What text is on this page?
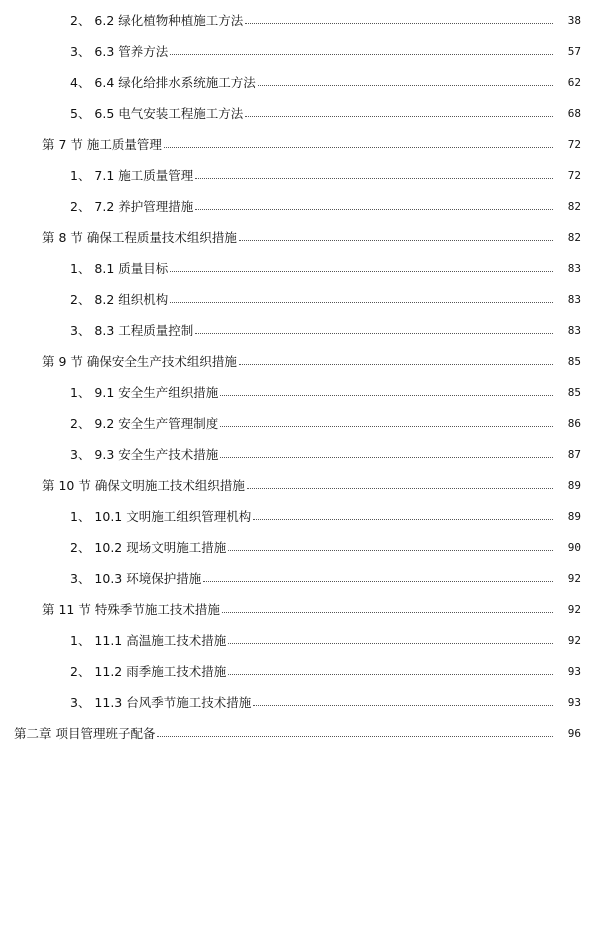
2、 6.2 绿化植物种植施工方法	38
3、 6.3 管养方法	57
4、 6.4 绿化给排水系统施工方法	62
5、 6.5 电气安装工程施工方法	68
第 7 节 施工质量管理	72
1、 7.1 施工质量管理	72
2、 7.2 养护管理措施	82
第 8 节 确保工程质量技术组织措施	82
1、 8.1 质量目标	83
2、 8.2 组织机构	83
3、 8.3 工程质量控制	83
第 9 节 确保安全生产技术组织措施	85
1、 9.1 安全生产组织措施	85
2、 9.2 安全生产管理制度	86
3、 9.3 安全生产技术措施	87
第 10 节 确保文明施工技术组织措施	89
1、 10.1 文明施工组织管理机构	89
2、 10.2 现场文明施工措施	90
3、 10.3 环境保护措施	92
第 11 节 特殊季节施工技术措施	92
1、 11.1 高温施工技术措施	92
2、 11.2 雨季施工技术措施	93
3、 11.3 台风季节施工技术措施	93
第二章 项目管理班子配备	96
